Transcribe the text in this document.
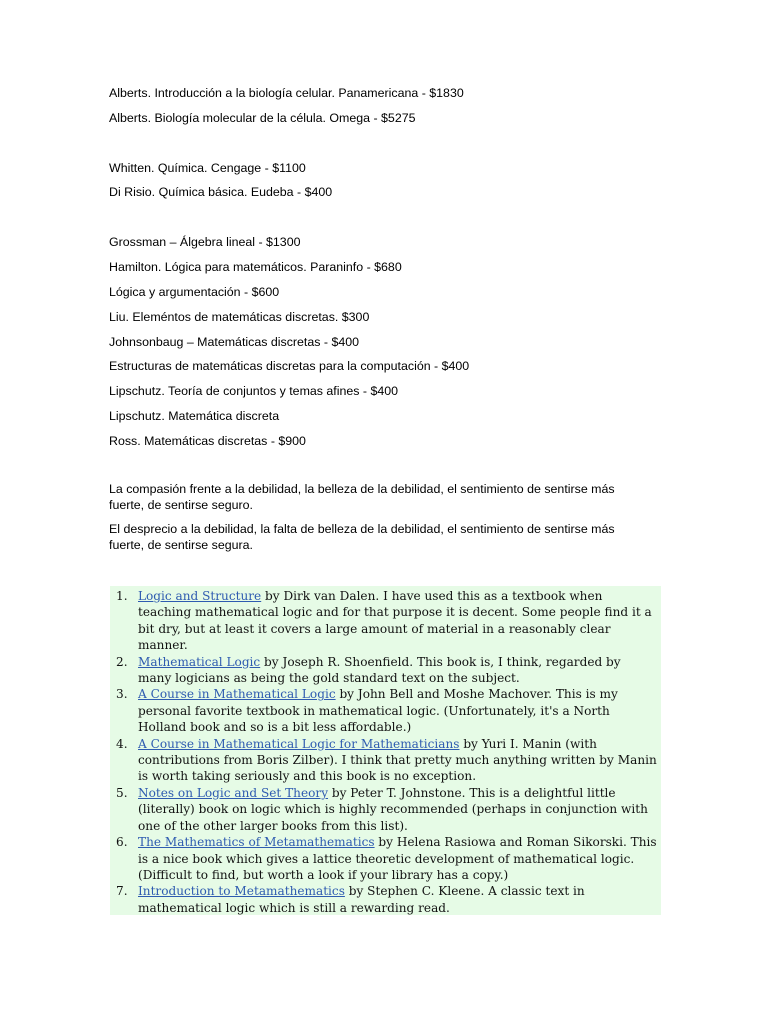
Alberts. Introducción a la biología celular. Panamericana - $1830
Alberts. Biología molecular de la célula. Omega - $5275
Whitten. Química. Cengage - $1100
Di Risio. Química básica. Eudeba - $400
Grossman – Álgebra lineal - $1300
Hamilton. Lógica para matemáticos. Paraninfo - $680
Lógica y argumentación - $600
Liu. Eleméntos de matemáticas discretas. $300
Johnsonbaug – Matemáticas discretas - $400
Estructuras de matemáticas discretas para la computación - $400
Lipschutz. Teoría de conjuntos y temas afines - $400
Lipschutz. Matemática discreta
Ross. Matemáticas discretas - $900
La compasión frente a la debilidad, la belleza de la debilidad, el sentimiento de sentirse más fuerte, de sentirse seguro.
El desprecio a la debilidad, la falta de belleza de la debilidad, el sentimiento de sentirse más fuerte, de sentirse segura.
1. Logic and Structure by Dirk van Dalen. I have used this as a textbook when teaching mathematical logic and for that purpose it is decent. Some people find it a bit dry, but at least it covers a large amount of material in a reasonably clear manner.
2. Mathematical Logic by Joseph R. Shoenfield. This book is, I think, regarded by many logicians as being the gold standard text on the subject.
3. A Course in Mathematical Logic by John Bell and Moshe Machover. This is my personal favorite textbook in mathematical logic. (Unfortunately, it's a North Holland book and so is a bit less affordable.)
4. A Course in Mathematical Logic for Mathematicians by Yuri I. Manin (with contributions from Boris Zilber). I think that pretty much anything written by Manin is worth taking seriously and this book is no exception.
5. Notes on Logic and Set Theory by Peter T. Johnstone. This is a delightful little (literally) book on logic which is highly recommended (perhaps in conjunction with one of the other larger books from this list).
6. The Mathematics of Metamathematics by Helena Rasiowa and Roman Sikorski. This is a nice book which gives a lattice theoretic development of mathematical logic. (Difficult to find, but worth a look if your library has a copy.)
7. Introduction to Metamathematics by Stephen C. Kleene. A classic text in mathematical logic which is still a rewarding read.
